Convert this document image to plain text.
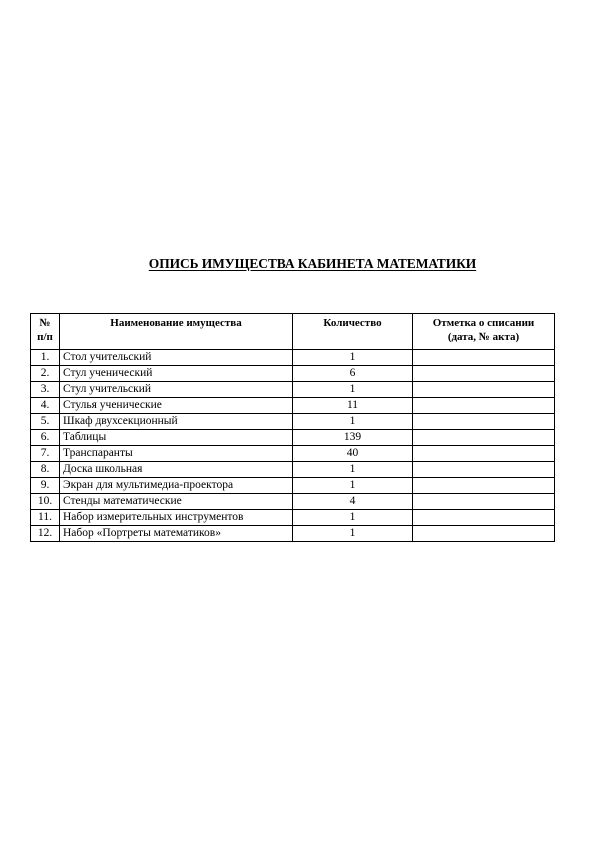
ОПИСЬ ИМУЩЕСТВА КАБИНЕТА МАТЕМАТИКИ
№
п/п	Наименование имущества	Количество	Отметка о списании
(дата, № акта)
1.	Стол учительский	1	
2.	Стул ученический	6	
3.	Стул учительский	1	
4.	Стулья ученические	11	
5.	Шкаф двухсекционный	1	
6.	Таблицы	139	
7.	Транспаранты	40	
8.	Доска школьная	1	
9.	Экран для мультимедиа-проектора	1	
10.	Стенды математические	4	
11.	Набор измерительных инструментов	1	
12.	Набор «Портреты математиков»	1	
